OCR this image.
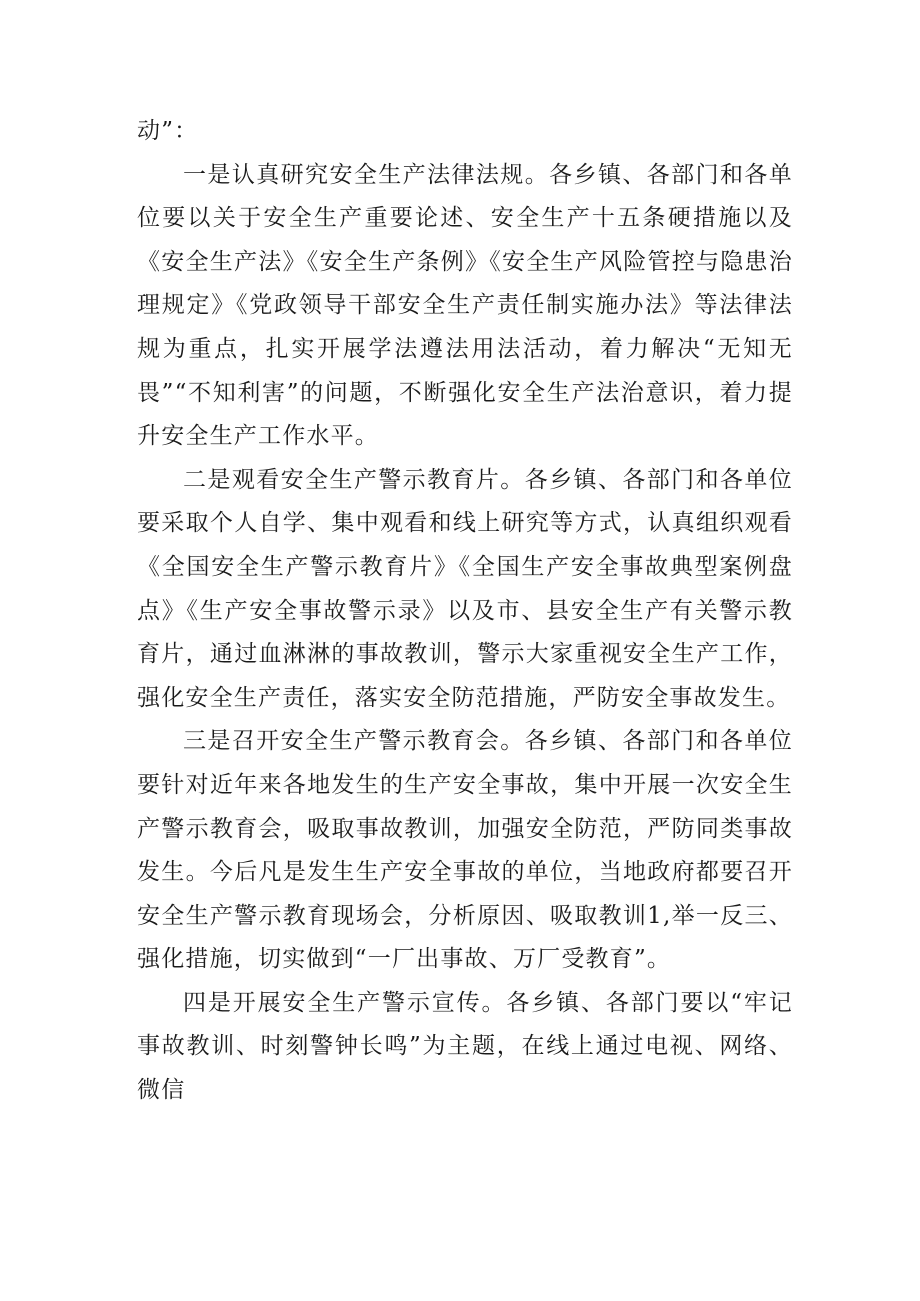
动”：

一是认真研究安全生产法律法规。各乡镇、各部门和各单位要以关于安全生产重要论述、安全生产十五条硬措施以及《安全生产法》《安全生产条例》《安全生产风险管控与隐患治理规定》《党政领导干部安全生产责任制实施办法》等法律法规为重点，扎实开展学法遵法用法活动，着力解决“无知无畏”“不知利害”的问题，不断强化安全生产法治意识，着力提升安全生产工作水平。

二是观看安全生产警示教育片。各乡镇、各部门和各单位要采取个人自学、集中观看和线上研究等方式，认真组织观看《全国安全生产警示教育片》《全国生产安全事故典型案例盘点》《生产安全事故警示录》以及市、县安全生产有关警示教育片，通过血淋淋的事故教训，警示大家重视安全生产工作，强化安全生产责任，落实安全防范措施，严防安全事故发生。

三是召开安全生产警示教育会。各乡镇、各部门和各单位要针对近年来各地发生的生产安全事故，集中开展一次安全生产警示教育会，吸取事故教训，加强安全防范，严防同类事故发生。今后凡是发生生产安全事故的单位，当地政府都要召开安全生产警示教育现场会，分析原因、吸取教训1,举一反三、强化措施，切实做到“一厂出事故、万厂受教育”。

四是开展安全生产警示宣传。各乡镇、各部门要以“牢记事故教训、时刻警钟长鸣”为主题，在线上通过电视、网络、微信
